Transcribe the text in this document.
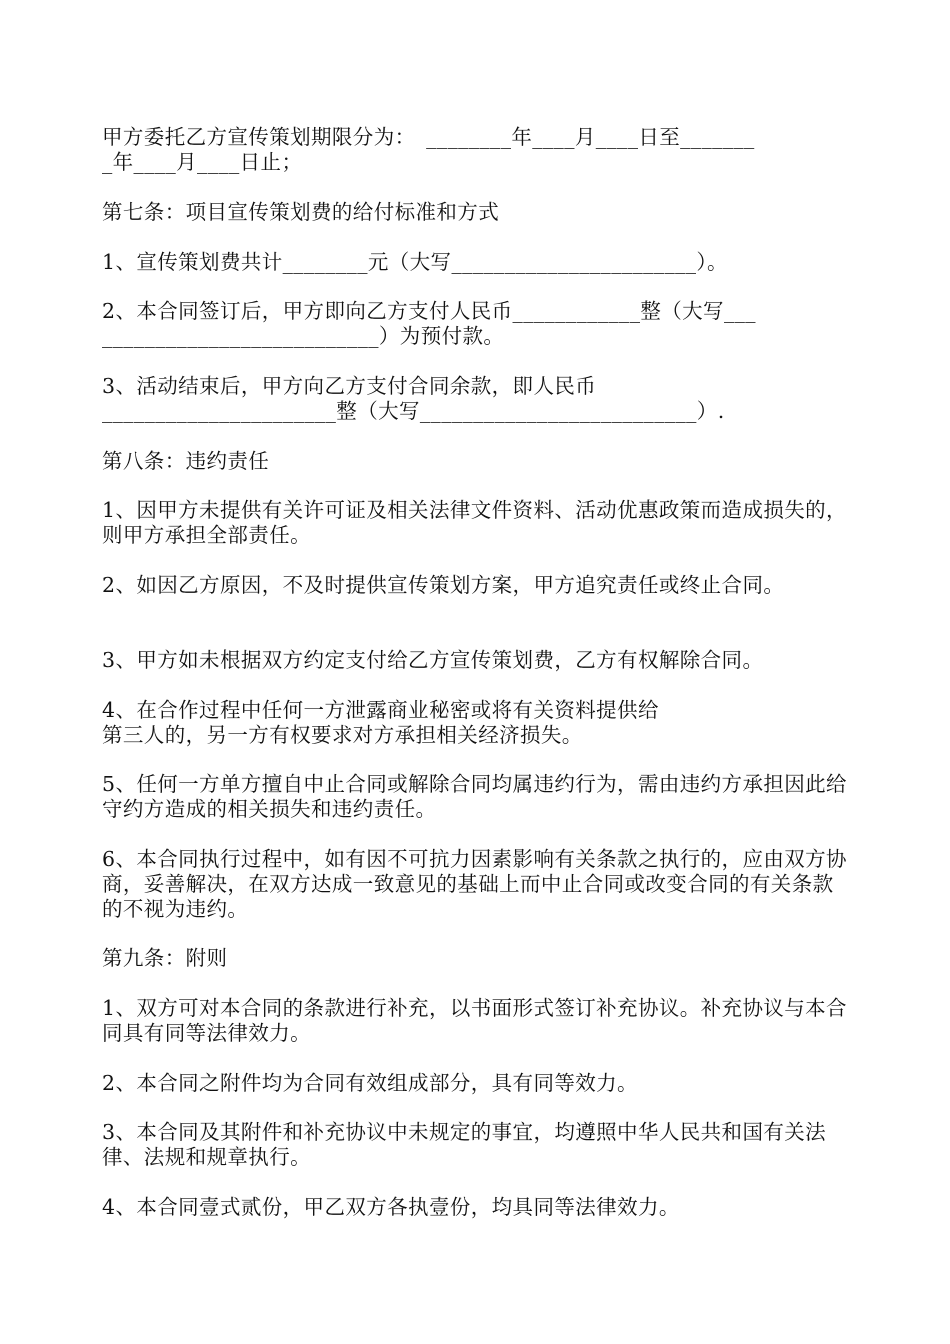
甲方委托乙方宣传策划期限分为：　________年____月____日至_______
_年____月____日止；

第七条：项目宣传策划费的给付标准和方式

1、宣传策划费共计________元（大写_______________________）。

2、本合同签订后，甲方即向乙方支付人民币____________整（大写___
__________________________）为预付款。

3、活动结束后，甲方向乙方支付合同余款，即人民币
______________________整（大写__________________________）.

第八条：违约责任

1、因甲方未提供有关许可证及相关法律文件资料、活动优惠政策而造成损失的，则甲方承担全部责任。

2、如因乙方原因，不及时提供宣传策划方案，甲方追究责任或终止合同。

3、甲方如未根据双方约定支付给乙方宣传策划费，乙方有权解除合同。

4、在合作过程中任何一方泄露商业秘密或将有关资料提供给
第三人的，另一方有权要求对方承担相关经济损失。

5、任何一方单方擅自中止合同或解除合同均属违约行为，需由违约方承担因此给守约方造成的相关损失和违约责任。

6、本合同执行过程中，如有因不可抗力因素影响有关条款之执行的，应由双方协商，妥善解决，在双方达成一致意见的基础上而中止合同或改变合同的有关条款的不视为违约。

第九条：附则

1、双方可对本合同的条款进行补充，以书面形式签订补充协议。补充协议与本合同具有同等法律效力。

2、本合同之附件均为合同有效组成部分，具有同等效力。

3、本合同及其附件和补充协议中未规定的事宜，均遵照中华人民共和国有关法律、法规和规章执行。

4、本合同壹式贰份，甲乙双方各执壹份，均具同等法律效力。
